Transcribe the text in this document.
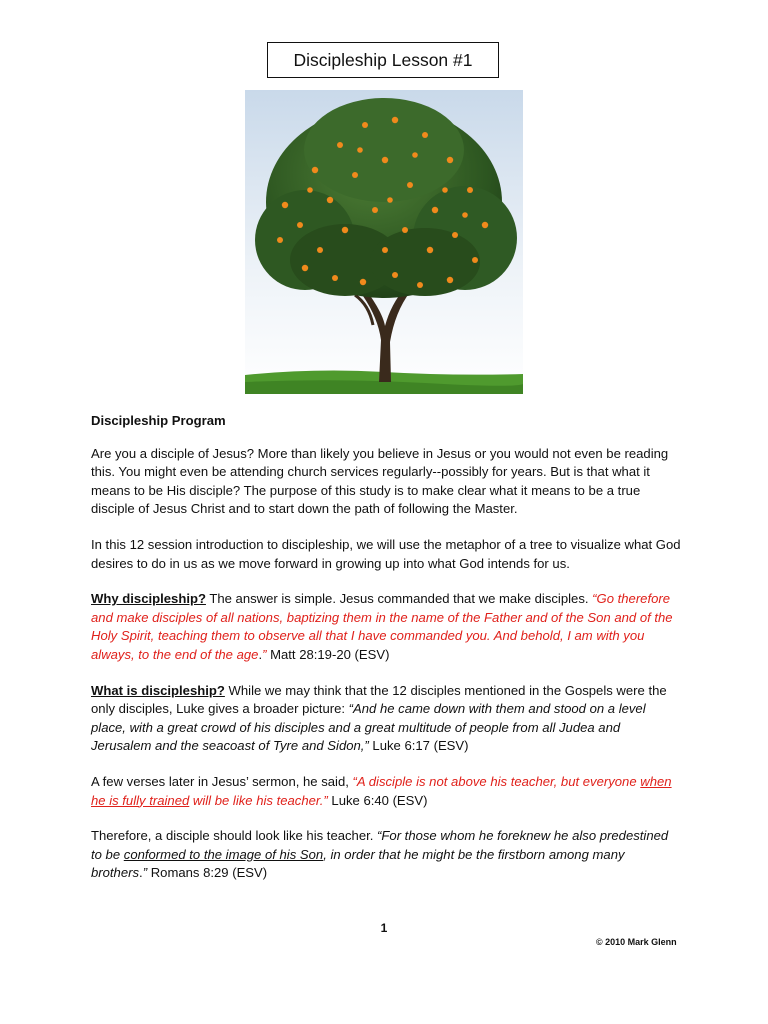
Discipleship Lesson #1

Discipleship Program

Are you a disciple of Jesus? More than likely you believe in Jesus or you would not even be reading this. You might even be attending church services regularly--possibly for years. But is that what it means to be His disciple? The purpose of this study is to make clear what it means to be a true disciple of Jesus Christ and to start down the path of following the Master.

In this 12 session introduction to discipleship, we will use the metaphor of a tree to visualize what God desires to do in us as we move forward in growing up into what God intends for us.

Why discipleship? The answer is simple. Jesus commanded that we make disciples. “Go therefore and make disciples of all nations, baptizing them in the name of the Father and of the Son and of the Holy Spirit, teaching them to observe all that I have commanded you. And behold, I am with you always, to the end of the age.” Matt 28:19-20 (ESV)

What is discipleship? While we may think that the 12 disciples mentioned in the Gospels were the only disciples, Luke gives a broader picture: “And he came down with them and stood on a level place, with a great crowd of his disciples and a great multitude of people from all Judea and Jerusalem and the seacoast of Tyre and Sidon,” Luke 6:17 (ESV)

A few verses later in Jesus’ sermon, he said, “A disciple is not above his teacher, but everyone when he is fully trained will be like his teacher.” Luke 6:40 (ESV)

Therefore, a disciple should look like his teacher. “For those whom he foreknew he also predestined to be conformed to the image of his Son, in order that he might be the firstborn among many brothers.” Romans 8:29 (ESV)

1
© 2010 Mark Glenn
